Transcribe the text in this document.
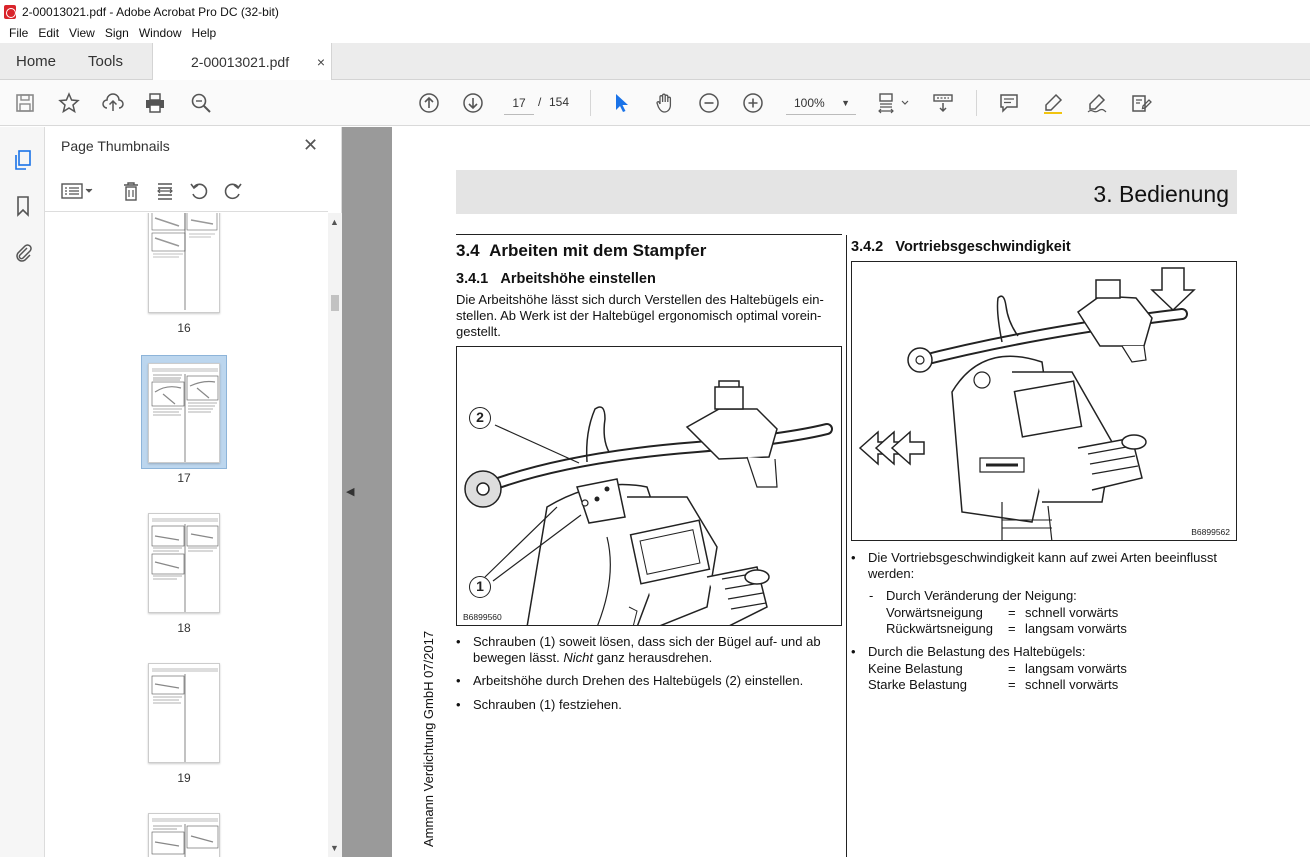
2-00013021.pdf - Adobe Acrobat Pro DC (32-bit)
File Edit View Sign Window Help
Home Tools	2-00013021.pdf ×
17	/ 154	100% ▼
Page Thumbnails	✕
16
17
18
19
▲
▼
◀
3. Bedienung
Ammann Verdichtung GmbH 07/2017
3.4 Arbeiten mit dem Stampfer
3.4.1 Arbeitshöhe einstellen
Die Arbeitshöhe lässt sich durch Verstellen des Haltebügels ein-
stellen. Ab Werk ist der Haltebügel ergonomisch optimal vorein-
gestellt.
2
1
B6899560
• Schrauben (1) soweit lösen, dass sich der Bügel auf- und ab
bewegen lässt. Nicht ganz herausdrehen.
• Arbeitshöhe durch Drehen des Haltebügels (2) einstellen.
• Schrauben (1) festziehen.
3.4.2 Vortriebsgeschwindigkeit
B6899562
• Die Vortriebsgeschwindigkeit kann auf zwei Arten beeinflusst
werden:
- Durch Veränderung der Neigung:
Vorwärtsneigung = schnell vorwärts
Rückwärtsneigung = langsam vorwärts
• Durch die Belastung des Haltebügels:
Keine Belastung	= langsam vorwärts
Starke Belastung	= schnell vorwärts
